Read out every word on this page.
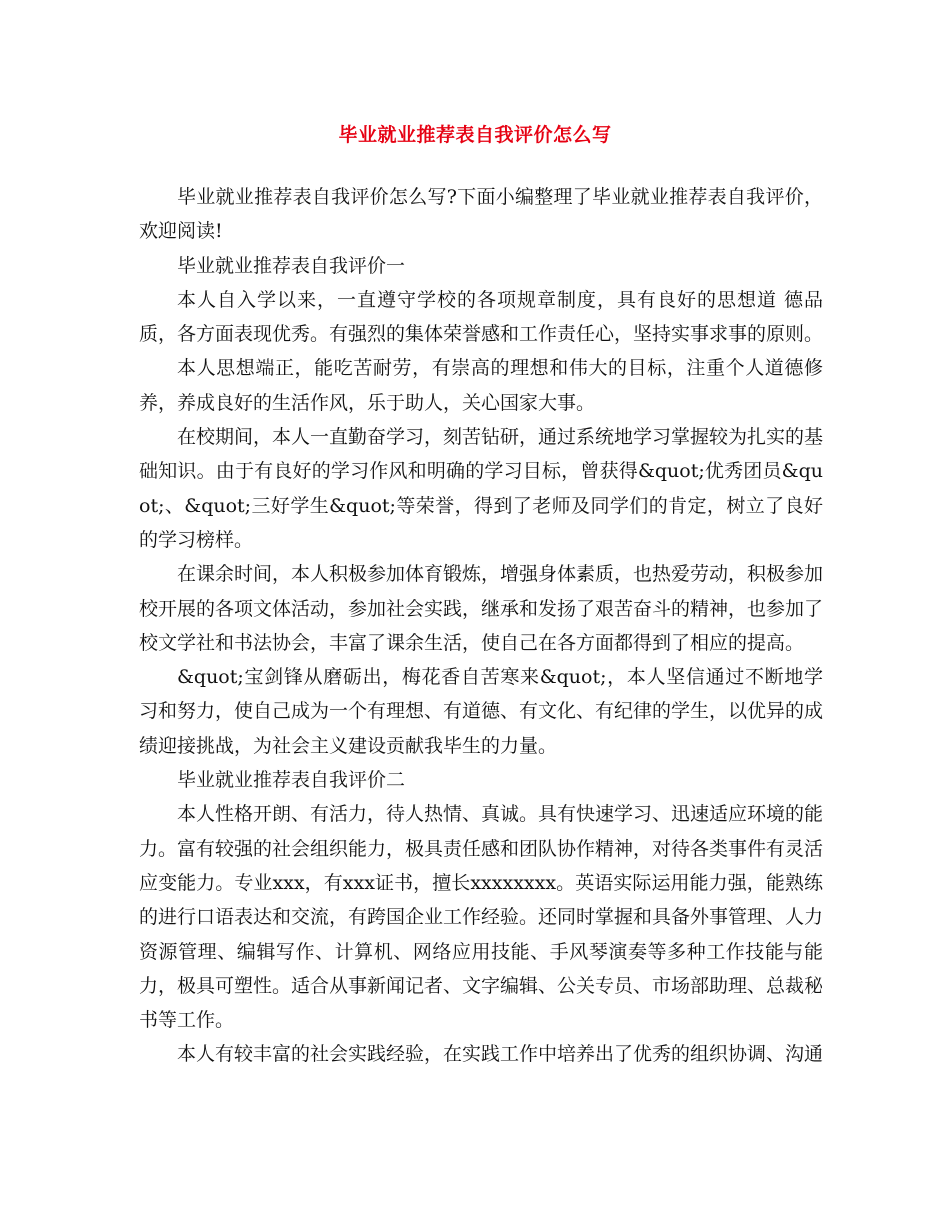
毕业就业推荐表自我评价怎么写

毕业就业推荐表自我评价怎么写?下面小编整理了毕业就业推荐表自我评价，欢迎阅读!

毕业就业推荐表自我评价一

本人自入学以来，一直遵守学校的各项规章制度，具有良好的思想道 德品质，各方面表现优秀。有强烈的集体荣誉感和工作责任心，坚持实事求事的原则。

本人思想端正，能吃苦耐劳，有崇高的理想和伟大的目标，注重个人道德修养，养成良好的生活作风，乐于助人，关心国家大事。

在校期间，本人一直勤奋学习，刻苦钻研，通过系统地学习掌握较为扎实的基础知识。由于有良好的学习作风和明确的学习目标，曾获得&quot;优秀团员&quot;、&quot;三好学生&quot;等荣誉，得到了老师及同学们的肯定，树立了良好的学习榜样。

在课余时间，本人积极参加体育锻炼，增强身体素质，也热爱劳动，积极参加校开展的各项文体活动，参加社会实践，继承和发扬了艰苦奋斗的精神，也参加了校文学社和书法协会，丰富了课余生活，使自己在各方面都得到了相应的提高。

&quot;宝剑锋从磨砺出，梅花香自苦寒来&quot;，本人坚信通过不断地学习和努力，使自己成为一个有理想、有道德、有文化、有纪律的学生，以优异的成绩迎接挑战，为社会主义建设贡献我毕生的力量。

毕业就业推荐表自我评价二

本人性格开朗、有活力，待人热情、真诚。具有快速学习、迅速适应环境的能力。富有较强的社会组织能力，极具责任感和团队协作精神，对待各类事件有灵活应变能力。专业xxx，有xxx证书，擅长xxxxxxxx。英语实际运用能力强，能熟练的进行口语表达和交流，有跨国企业工作经验。还同时掌握和具备外事管理、人力资源管理、编辑写作、计算机、网络应用技能、手风琴演奏等多种工作技能与能力，极具可塑性。适合从事新闻记者、文字编辑、公关专员、市场部助理、总裁秘书等工作。

本人有较丰富的社会实践经验，在实践工作中培养出了优秀的组织协调、沟通
